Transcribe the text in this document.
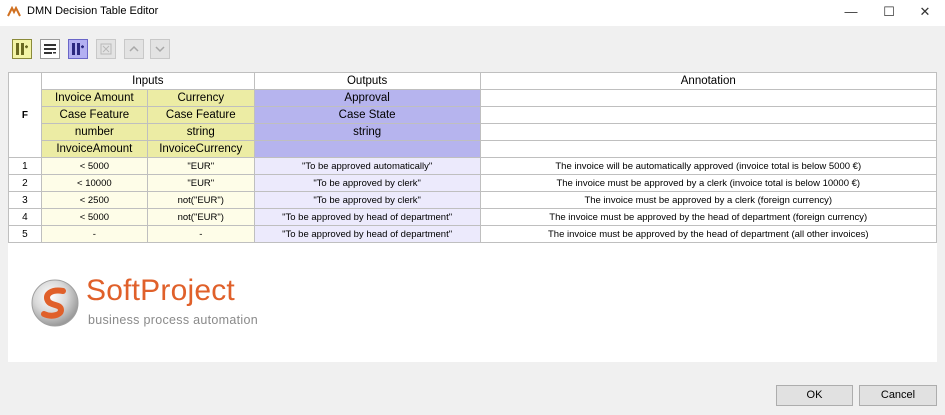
DMN Decision Table Editor	—	☐	✕
F	Inputs		Outputs	Annotation
	Invoice Amount	Currency	Approval	
	Case Feature	Case Feature	Case State	
	number	string	string	
	InvoiceAmount	InvoiceCurrency		
1	< 5000	"EUR"	"To be approved automatically"	The invoice will be automatically approved (invoice total is below 5000 €)
2	< 10000	"EUR"	"To be approved by clerk"	The invoice must be approved by a clerk (invoice total is below 10000 €)
3	< 2500	not("EUR")	"To be approved by clerk"	The invoice must be approved by a clerk (foreign currency)
4	< 5000	not("EUR")	"To be approved by head of department"	The invoice must be approved by the head of department (foreign currency)
5	-	-	"To be approved by head of department"	The invoice must be approved by the head of department (all other invoices)
SoftProject
business process automation
OK	Cancel
